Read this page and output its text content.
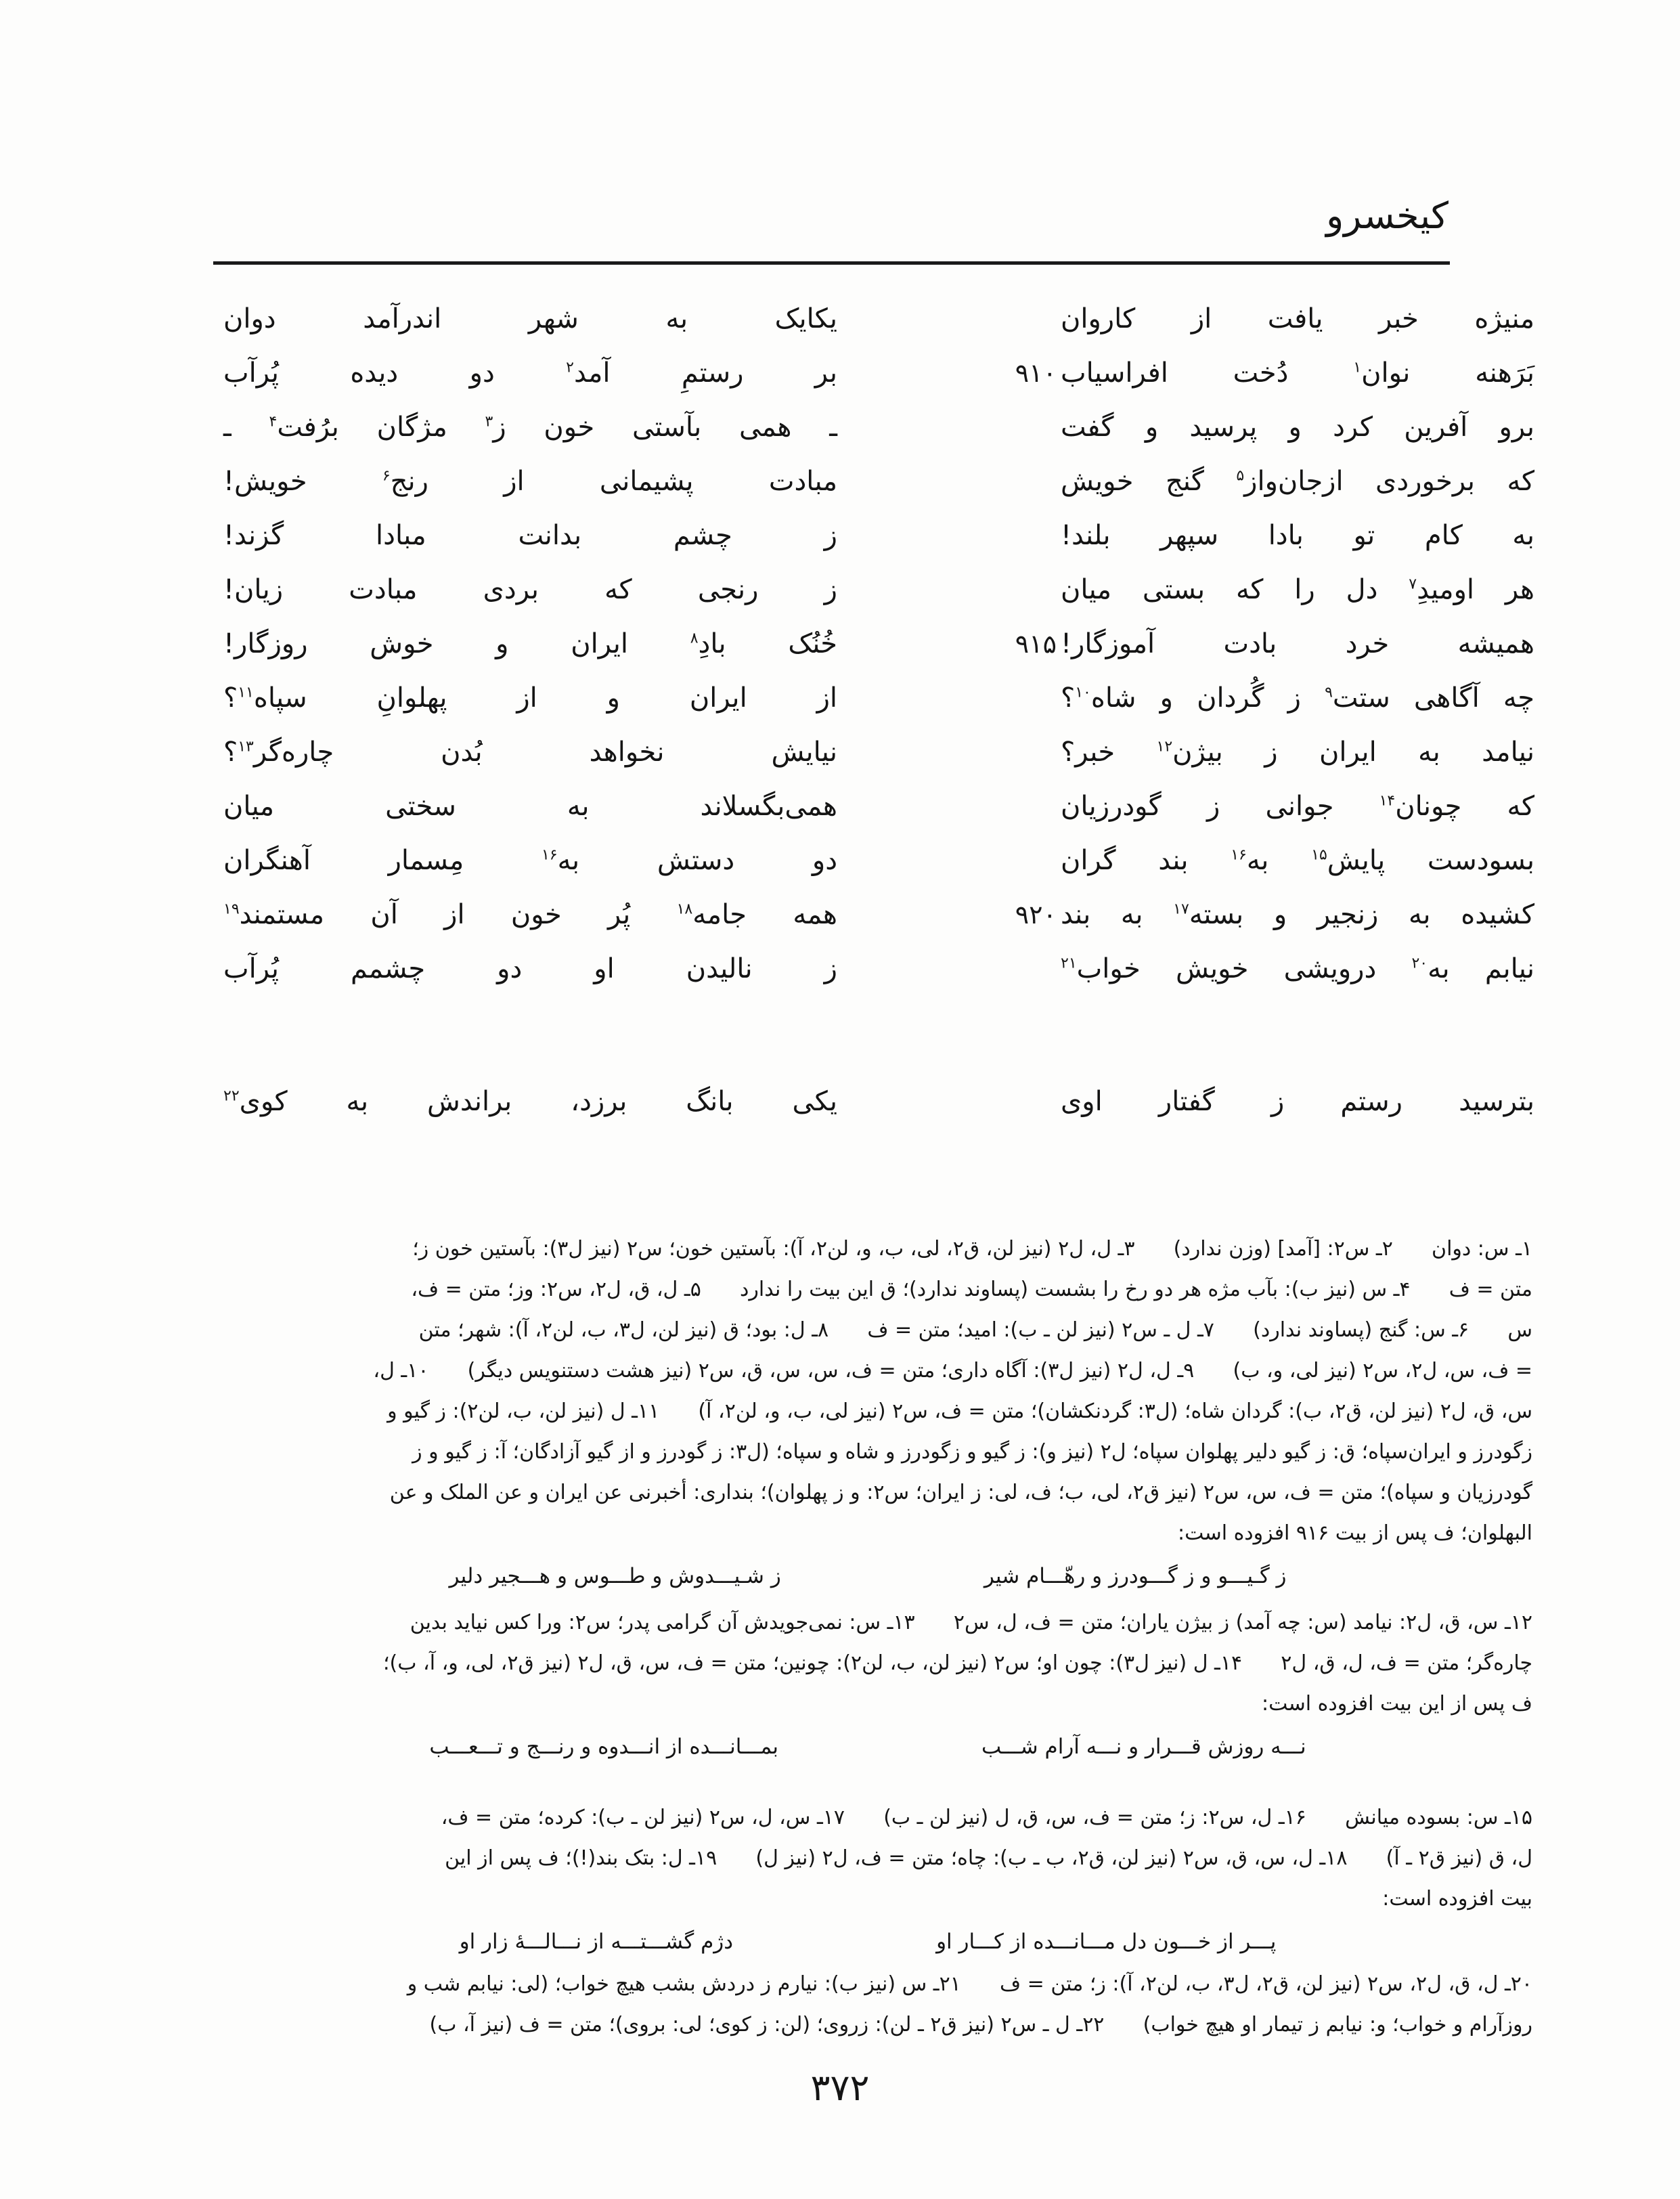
کیخسرو
منیژه خبر یافت از کاروان
یکایک به شهر اندرآمد دوان
بَرَهنه نوان$^۱$ دُخت افراسیاب
۹۱۰
بر رستمِ آمد$^۲$ دو دیده پُرآب
برو آفرین کرد و پرسید و گفت
ـ همی بآستی خون ز$^۳$ مژگان برُفت$^۴$ ـ
که برخوردی ازجان‌واز$^۵$ گنج خویش
مبادت پشیمانی از رنج$^۶$ خویش!
به کام تو بادا سپهر بلند!
ز چشم بدانت مبادا گزند!
هر اومیدِ$^۷$ دل را که بستی میان
ز رنجی که بردی مبادت زیان!
همیشه خرد بادت آموزگار!
۹۱۵
خُنُک بادِ$^۸$ ایران و خوش روزگار!
چه آگاهی ستت$^۹$ ز گُردان و شاه$^{۱۰}$؟
از ایران و از پهلوانِ سپاه$^{۱۱}$؟
نیامد به ایران ز بیژن$^{۱۲}$ خبر؟
نیایش نخواهد بُدن چاره‌گر$^{۱۳}$؟
که چونان$^{۱۴}$ جوانی ز گودرزیان
همی‌بگسلاند به سختی میان
بسودست پایش$^{۱۵}$ به$^{۱۶}$ بند گران
دو دستش به$^{۱۶}$ مِسمار آهنگران
کشیده به زنجیر و بسته$^{۱۷}$ به بند
۹۲۰
همه جامه$^{۱۸}$ پُر خون از آن مستمند$^{۱۹}$
نیابم به$^{۲۰}$ درویشی خویش خواب$^{۲۱}$
ز نالیدن او دو چشمم پُرآب
بترسید رستم ز گفتار اوی
یکی بانگ برزد، براندش به کوی$^{۲۲}$
۱ـ س: دوان      ۲ـ س۲: [آمد] (وزن ندارد)      ۳ـ ل، ل۲ (نیز لن، ق۲، لی، ب، و، لن۲، آ): بآستین خون؛ س۲ (نیز ل۳): بآستین خون ز؛
متن = ف      ۴ـ س (نیز ب): بآب مژه هر دو رخ را بشست (پساوند ندارد)؛ ق این بیت را ندارد      ۵ـ ل، ق، ل۲، س۲: وز؛ متن = ف،
س      ۶ـ س: گنج (پساوند ندارد)      ۷ـ ل ـ س۲ (نیز لن ـ ب): امید؛ متن = ف      ۸ـ ل: بود؛ ق (نیز لن، ل۳، ب، لن۲، آ): شهر؛ متن
= ف، س، ل۲، س۲ (نیز لی، و، ب)      ۹ـ ل، ل۲ (نیز ل۳): آگاه داری؛ متن = ف، س، س، ق، س۲ (نیز هشت دستنویس دیگر)      ۱۰ـ ل،
س، ق، ل۲ (نیز لن، ق۲، ب): گردان شاه؛ (ل۳: گردنکشان)؛ متن = ف، س۲ (نیز لی، ب، و، لن۲، آ)      ۱۱ـ ل (نیز لن، ب، لن۲): ز گیو و
زگودرز و ایران‌سپاه؛ ق: ز گیو دلیر پهلوان سپاه؛ ل۲ (نیز و): ز گیو و زگودرز و شاه و سپاه؛ (ل۳: ز گودرز و از گیو آزادگان؛ آ: ز گیو و ز
گودرزیان و سپاه)؛ متن = ف، س، س۲ (نیز ق۲، لی، ب؛ ف، لی: ز ایران؛ س۲: و ز پهلوان)؛ بنداری: أخبرنی عن ایران و عن الملک و عن
البهلوان؛ ف پس از بیت ۹۱۶ افزوده است:
ز گـیـــو و ز گـــودرز و رهّـــام شیر
ز شـیـــدوش و طـــوس و هـــجیر دلیر
۱۲ـ س، ق، ل۲: نیامد (س: چه آمد) ز بیژن یاران؛ متن = ف، ل، س۲      ۱۳ـ س: نمی‌جویدش آن گرامی پدر؛ س۲: ورا کس نیاید بدین
چاره‌گر؛ متن = ف، ل، ق، ل۲      ۱۴ـ ل (نیز ل۳): چون او؛ س۲ (نیز لن، ب، لن۲): چونین؛ متن = ف، س، ق، ل۲ (نیز ق۲، لی، و، آ، ب)؛
ف پس از این بیت افزوده است:
نـــه روزش قـــرار و نـــه آرام شـــب
بمـــانـــده از انـــدوه و رنـــج و تـــعـــب
۱۵ـ س: بسوده میانش      ۱۶ـ ل، س۲: ز؛ متن = ف، س، ق، ل (نیز لن ـ ب)      ۱۷ـ س، ل، س۲ (نیز لن ـ ب): کرده؛ متن = ف،
ل، ق (نیز ق۲ ـ آ)      ۱۸ـ ل، س، ق، س۲ (نیز لن، ق۲، ب ـ ب): چاه؛ متن = ف، ل۲ (نیز ل)      ۱۹ـ ل: بتک بند(!)؛ ف پس از این
بیت افزوده است:
پـــر از خـــون دل مـــانـــده از کـــار او
دژم گشـــتـــه از نـــالـــهٔ زار او
۲۰ـ ل، ق، ل۲، س۲ (نیز لن، ق۲، ل۳، ب، لن۲، آ): ز؛ متن = ف      ۲۱ـ س (نیز ب): نیارم ز دردش بشب هیچ خواب؛ (لی: نیابم شب و
روزآرام و خواب؛ و: نیابم ز تیمار او هیچ خواب)      ۲۲ـ ل ـ س۲ (نیز ق۲ ـ لن): زروی؛ (لن: ز کوی؛ لی: بروی)؛ متن = ف (نیز آ، ب)
۳۷۲
